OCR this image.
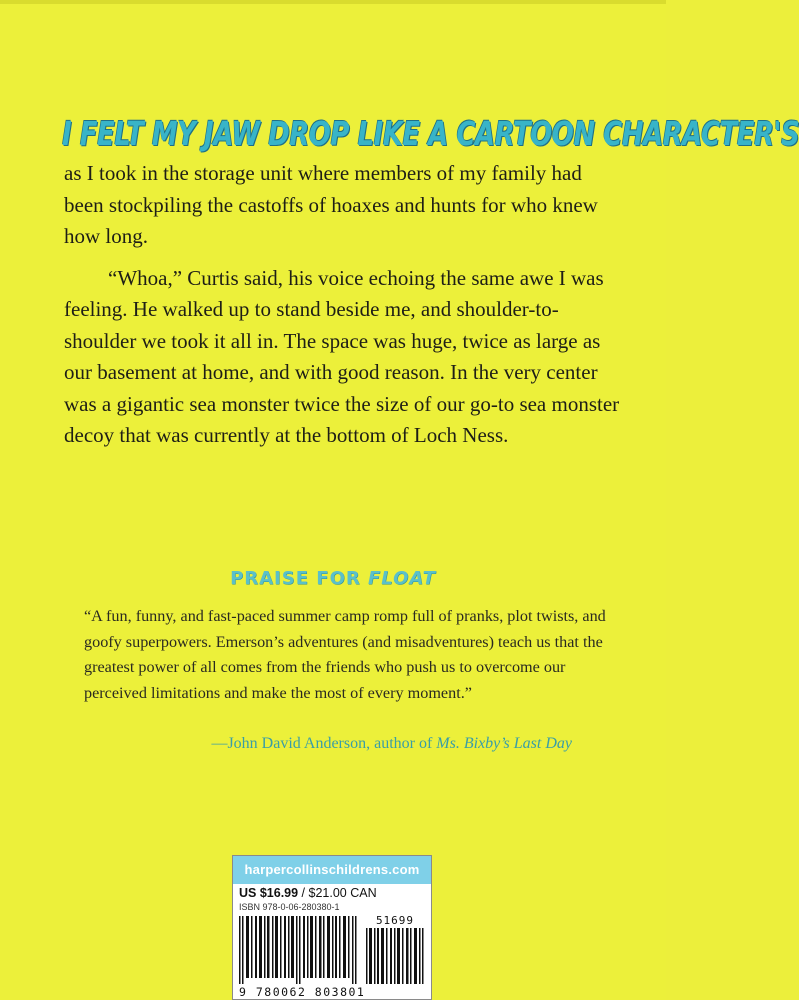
I FELT MY JAW DROP LIKE A CARTOON CHARACTER'S

as I took in the storage unit where members of my family had been stockpiling the castoffs of hoaxes and hunts for who knew how long.

“Whoa,” Curtis said, his voice echoing the same awe I was feeling. He walked up to stand beside me, and shoulder-to-shoulder we took it all in. The space was huge, twice as large as our basement at home, and with good reason. In the very center was a gigantic sea monster twice the size of our go-to sea monster decoy that was currently at the bottom of Loch Ness.

PRAISE FOR FLOAT
“A fun, funny, and fast-paced summer camp romp full of pranks, plot twists, and goofy superpowers. Emerson’s adventures (and misadventures) teach us that the greatest power of all comes from the friends who push us to overcome our perceived limitations and make the most of every moment.”
—John David Anderson, author of Ms. Bixby’s Last Day
harpercollinschildrens.com
US $16.99 / $21.00 CAN
ISBN 978-0-06-280380-1
51699
9 780062 803801
